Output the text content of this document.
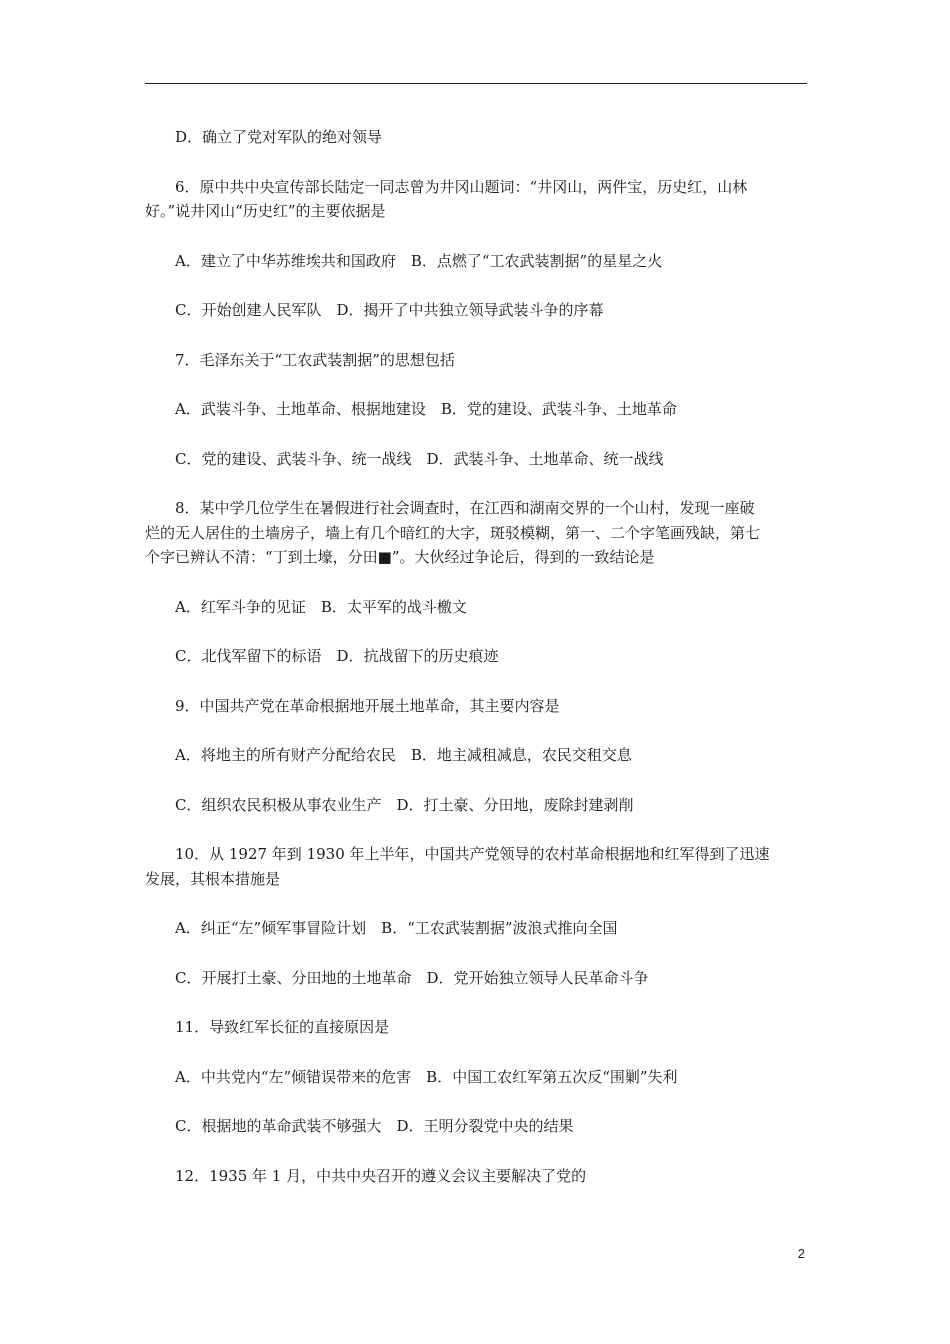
D．确立了党对军队的绝对领导

6．原中共中央宣传部长陆定一同志曾为井冈山题词：“井冈山，两件宝，历史红，山林

好。”说井冈山“历史红”的主要依据是

A．建立了中华苏维埃共和国政府　B．点燃了“工农武装割据”的星星之火

C．开始创建人民军队　D．揭开了中共独立领导武装斗争的序幕

7．毛泽东关于“工农武装割据”的思想包括

A．武装斗争、土地革命、根据地建设　B．党的建设、武装斗争、土地革命

C．党的建设、武装斗争、统一战线　D．武装斗争、土地革命、统一战线

8．某中学几位学生在暑假进行社会调查时，在江西和湖南交界的一个山村，发现一座破

烂的无人居住的土墙房子，墙上有几个暗红的大字，斑驳模糊，第一、二个字笔画残缺，第七

个字已辨认不清：“丁到土壕，分田■”。大伙经过争论后，得到的一致结论是

A．红军斗争的见证　B．太平军的战斗檄文

C．北伐军留下的标语　D．抗战留下的历史痕迹

9．中国共产党在革命根据地开展土地革命，其主要内容是

A．将地主的所有财产分配给农民　B．地主减租减息，农民交租交息

C．组织农民积极从事农业生产　D．打土豪、分田地，废除封建剥削

10．从 1927 年到 1930 年上半年，中国共产党领导的农村革命根据地和红军得到了迅速

发展，其根本措施是

A．纠正“左”倾军事冒险计划　B．“工农武装割据”波浪式推向全国

C．开展打土豪、分田地的土地革命　D．党开始独立领导人民革命斗争

11．导致红军长征的直接原因是

A．中共党内“左”倾错误带来的危害　B．中国工农红军第五次反“围剿”失利

C．根据地的革命武装不够强大　D．王明分裂党中央的结果

12．1935 年 1 月，中共中央召开的遵义会议主要解决了党的

2
